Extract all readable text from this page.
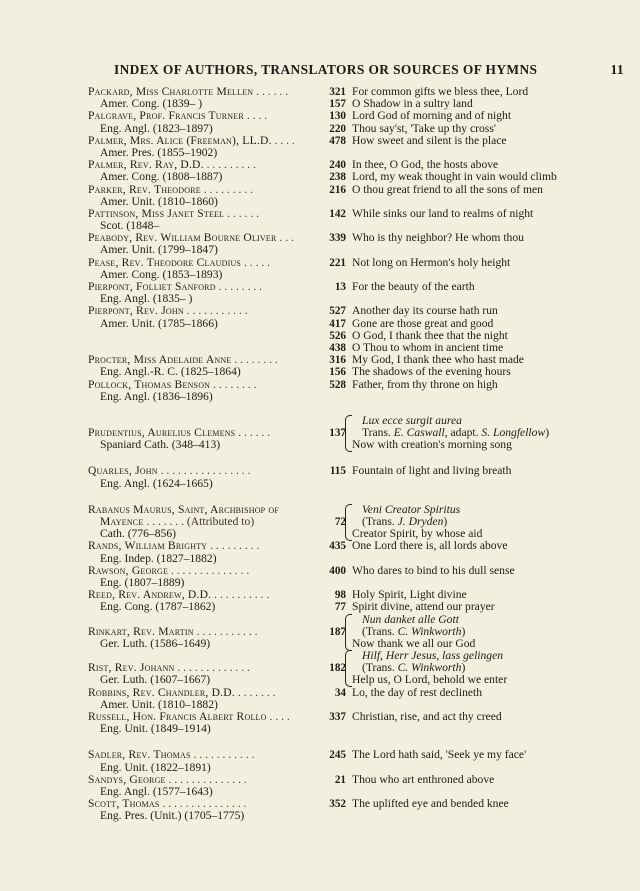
INDEX OF AUTHORS, TRANSLATORS OR SOURCES OF HYMNS	11
Packard, Miss Charlotte Mellen . . . . . .	321 For common gifts we bless thee, Lord
Amer. Cong. (1839– )	157 O Shadow in a sultry land
Palgrave, Prof. Francis Turner . . . .	130 Lord God of morning and of night
Eng. Angl. (1823–1897)	220 Thou say'st, 'Take up thy cross'
Palmer, Mrs. Alice (Freeman), LL.D. . . . .	478 How sweet and silent is the place
Amer. Pres. (1855–1902)
Palmer, Rev. Ray, D.D. . . . . . . . . .	240 In thee, O God, the hosts above
Amer. Cong. (1808–1887)	238 Lord, my weak thought in vain would climb
Parker, Rev. Theodore . . . . . . . . .	216 O thou great friend to all the sons of men
Amer. Unit. (1810–1860)
Pattinson, Miss Janet Steel . . . . . .	142 While sinks our land to realms of night
Scot. (1848–
Peabody, Rev. William Bourne Oliver . . .	339 Who is thy neighbor? He whom thou
Amer. Unit. (1799–1847)
Pease, Rev. Theodore Claudius . . . . .	221 Not long on Hermon's holy height
Amer. Cong. (1853–1893)
Pierpont, Folliet Sanford . . . . . . . .	13 For the beauty of the earth
Eng. Angl. (1835– )
Pierpont, Rev. John . . . . . . . . . . .	527 Another day its course hath run
Amer. Unit. (1785–1866)	417 Gone are those great and good
526 O God, I thank thee that the night
438 O Thou to whom in ancient time
Procter, Miss Adelaide Anne . . . . . . . .	316 My God, I thank thee who hast made
Eng. Angl.-R. C. (1825–1864)	156 The shadows of the evening hours
Pollock, Thomas Benson . . . . . . . .	528 Father, from thy throne on high
Eng. Angl. (1836–1896)
Lux ecce surgit aurea
Prudentius, Aurelius Clemens . . . . . .	137 Trans. E. Caswall, adapt. S. Longfellow)
Spaniard Cath. (348–413)	Now with creation's morning song
Quarles, John . . . . . . . . . . . . . . . .	115 Fountain of light and living breath
Eng. Angl. (1624–1665)
Rabanus Maurus, Saint, Archbishop of	Veni Creator Spiritus
Mayence . . . . . . . (Attributed to)	72 (Trans. J. Dryden)
Cath. (776–856)	Creator Spirit, by whose aid
Rands, William Brighty . . . . . . . . .	435 One Lord there is, all lords above
Eng. Indep. (1827–1882)
Rawson, George . . . . . . . . . . . . . .	400 Who dares to bind to his dull sense
Eng. (1807–1889)
Reed, Rev. Andrew, D.D. . . . . . . . . . .	98 Holy Spirit, Light divine
Eng. Cong. (1787–1862)	77 Spirit divine, attend our prayer
Nun danket alle Gott
Rinkart, Rev. Martin . . . . . . . . . . .	187 (Trans. C. Winkworth)
Ger. Luth. (1586–1649)	Now thank we all our God
Hilf, Herr Jesus, lass gelingen
Rist, Rev. Johann . . . . . . . . . . . . .	182 (Trans. C. Winkworth)
Ger. Luth. (1607–1667)	Help us, O Lord, behold we enter
Robbins, Rev. Chandler, D.D. . . . . . . .	34 Lo, the day of rest declineth
Amer. Unit. (1810–1882)
Russell, Hon. Francis Albert Rollo . . . .	337 Christian, rise, and act thy creed
Eng. Unit. (1849–1914)
Sadler, Rev. Thomas . . . . . . . . . . .	245 The Lord hath said, 'Seek ye my face'
Eng. Unit. (1822–1891)
Sandys, George . . . . . . . . . . . . . .	21 Thou who art enthroned above
Eng. Angl. (1577–1643)
Scott, Thomas . . . . . . . . . . . . . . .	352 The uplifted eye and bended knee
Eng. Pres. (Unit.) (1705–1775)
